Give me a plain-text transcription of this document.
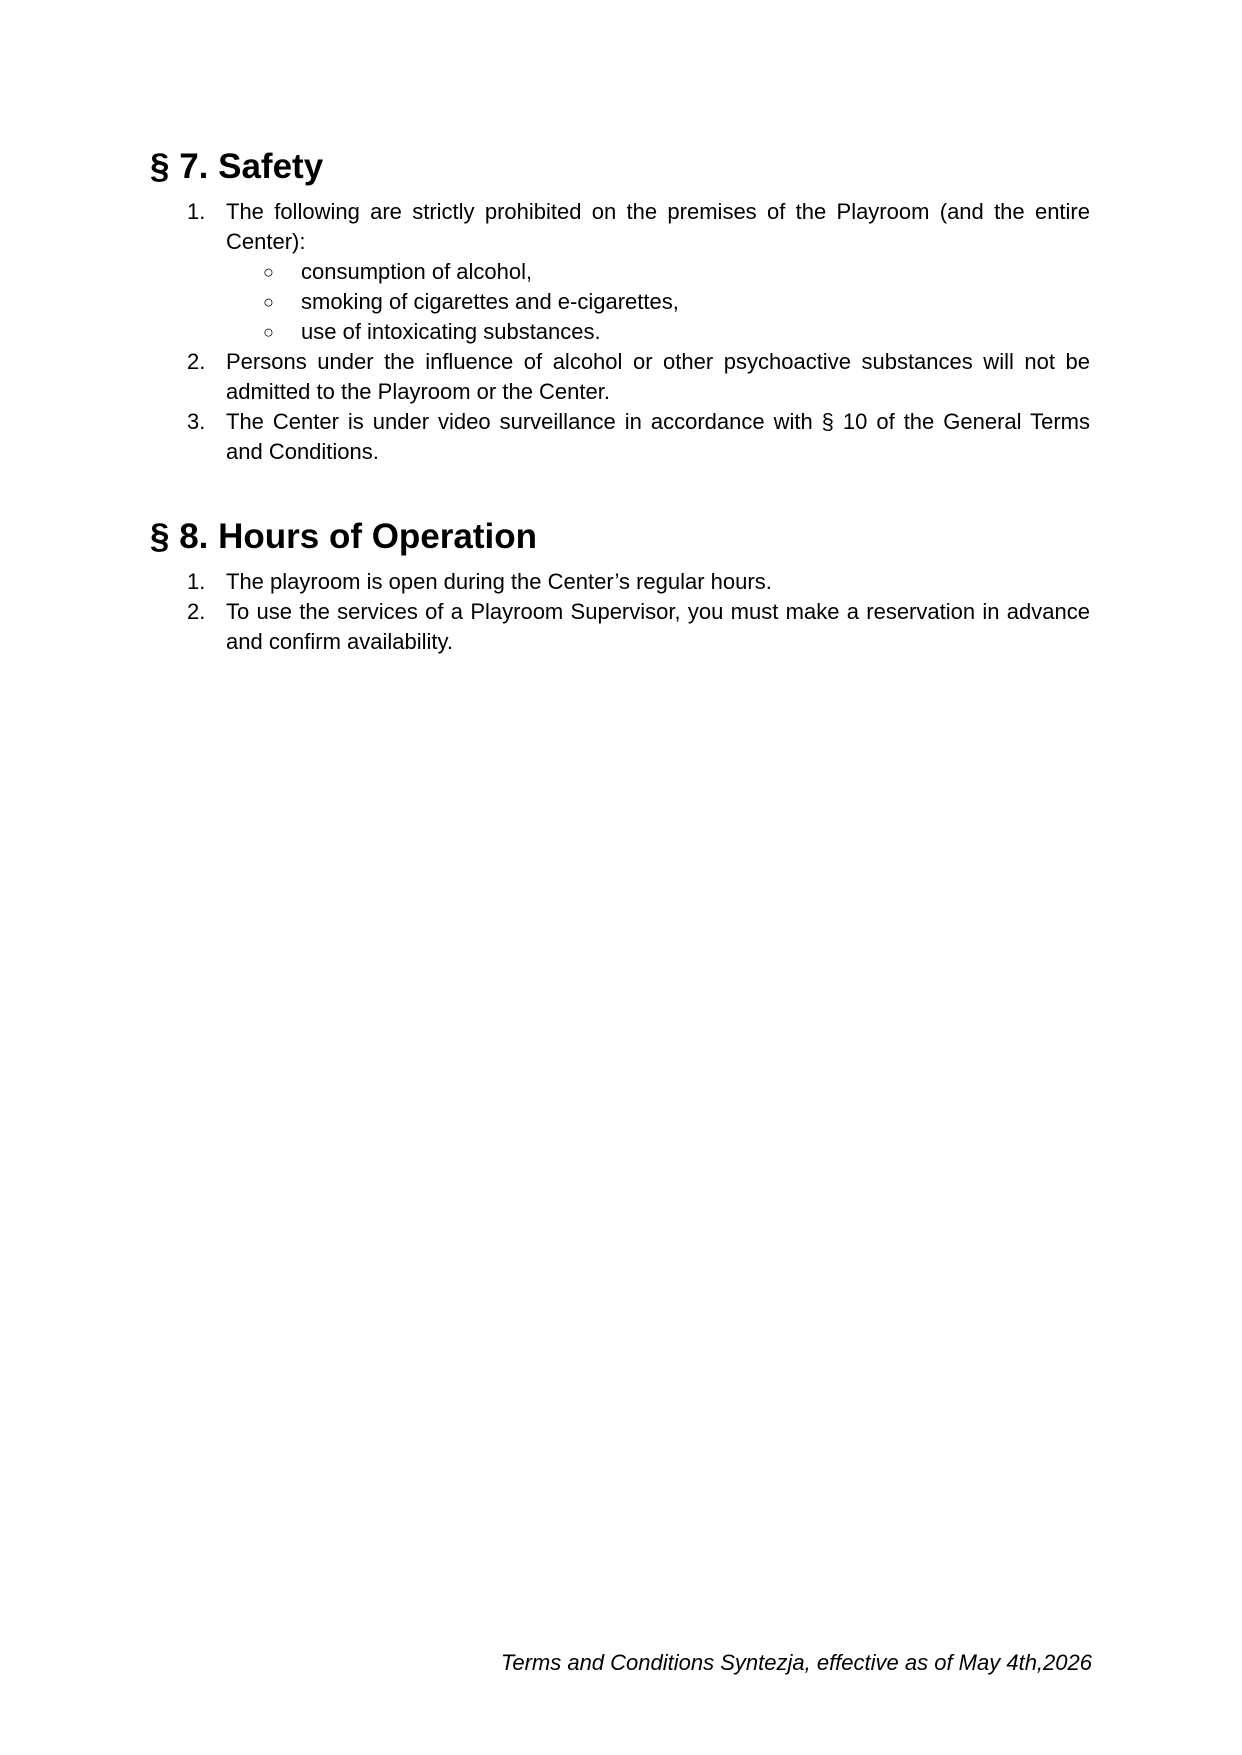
§ 7. Safety
1. The following are strictly prohibited on the premises of the Playroom (and the entire Center):
○ consumption of alcohol,
○ smoking of cigarettes and e-cigarettes,
○ use of intoxicating substances.
2. Persons under the influence of alcohol or other psychoactive substances will not be admitted to the Playroom or the Center.
3. The Center is under video surveillance in accordance with § 10 of the General Terms and Conditions.
§ 8. Hours of Operation
1. The playroom is open during the Center’s regular hours.
2. To use the services of a Playroom Supervisor, you must make a reservation in advance and confirm availability.
Terms and Conditions Syntezja, effective as of May 4th,2026
